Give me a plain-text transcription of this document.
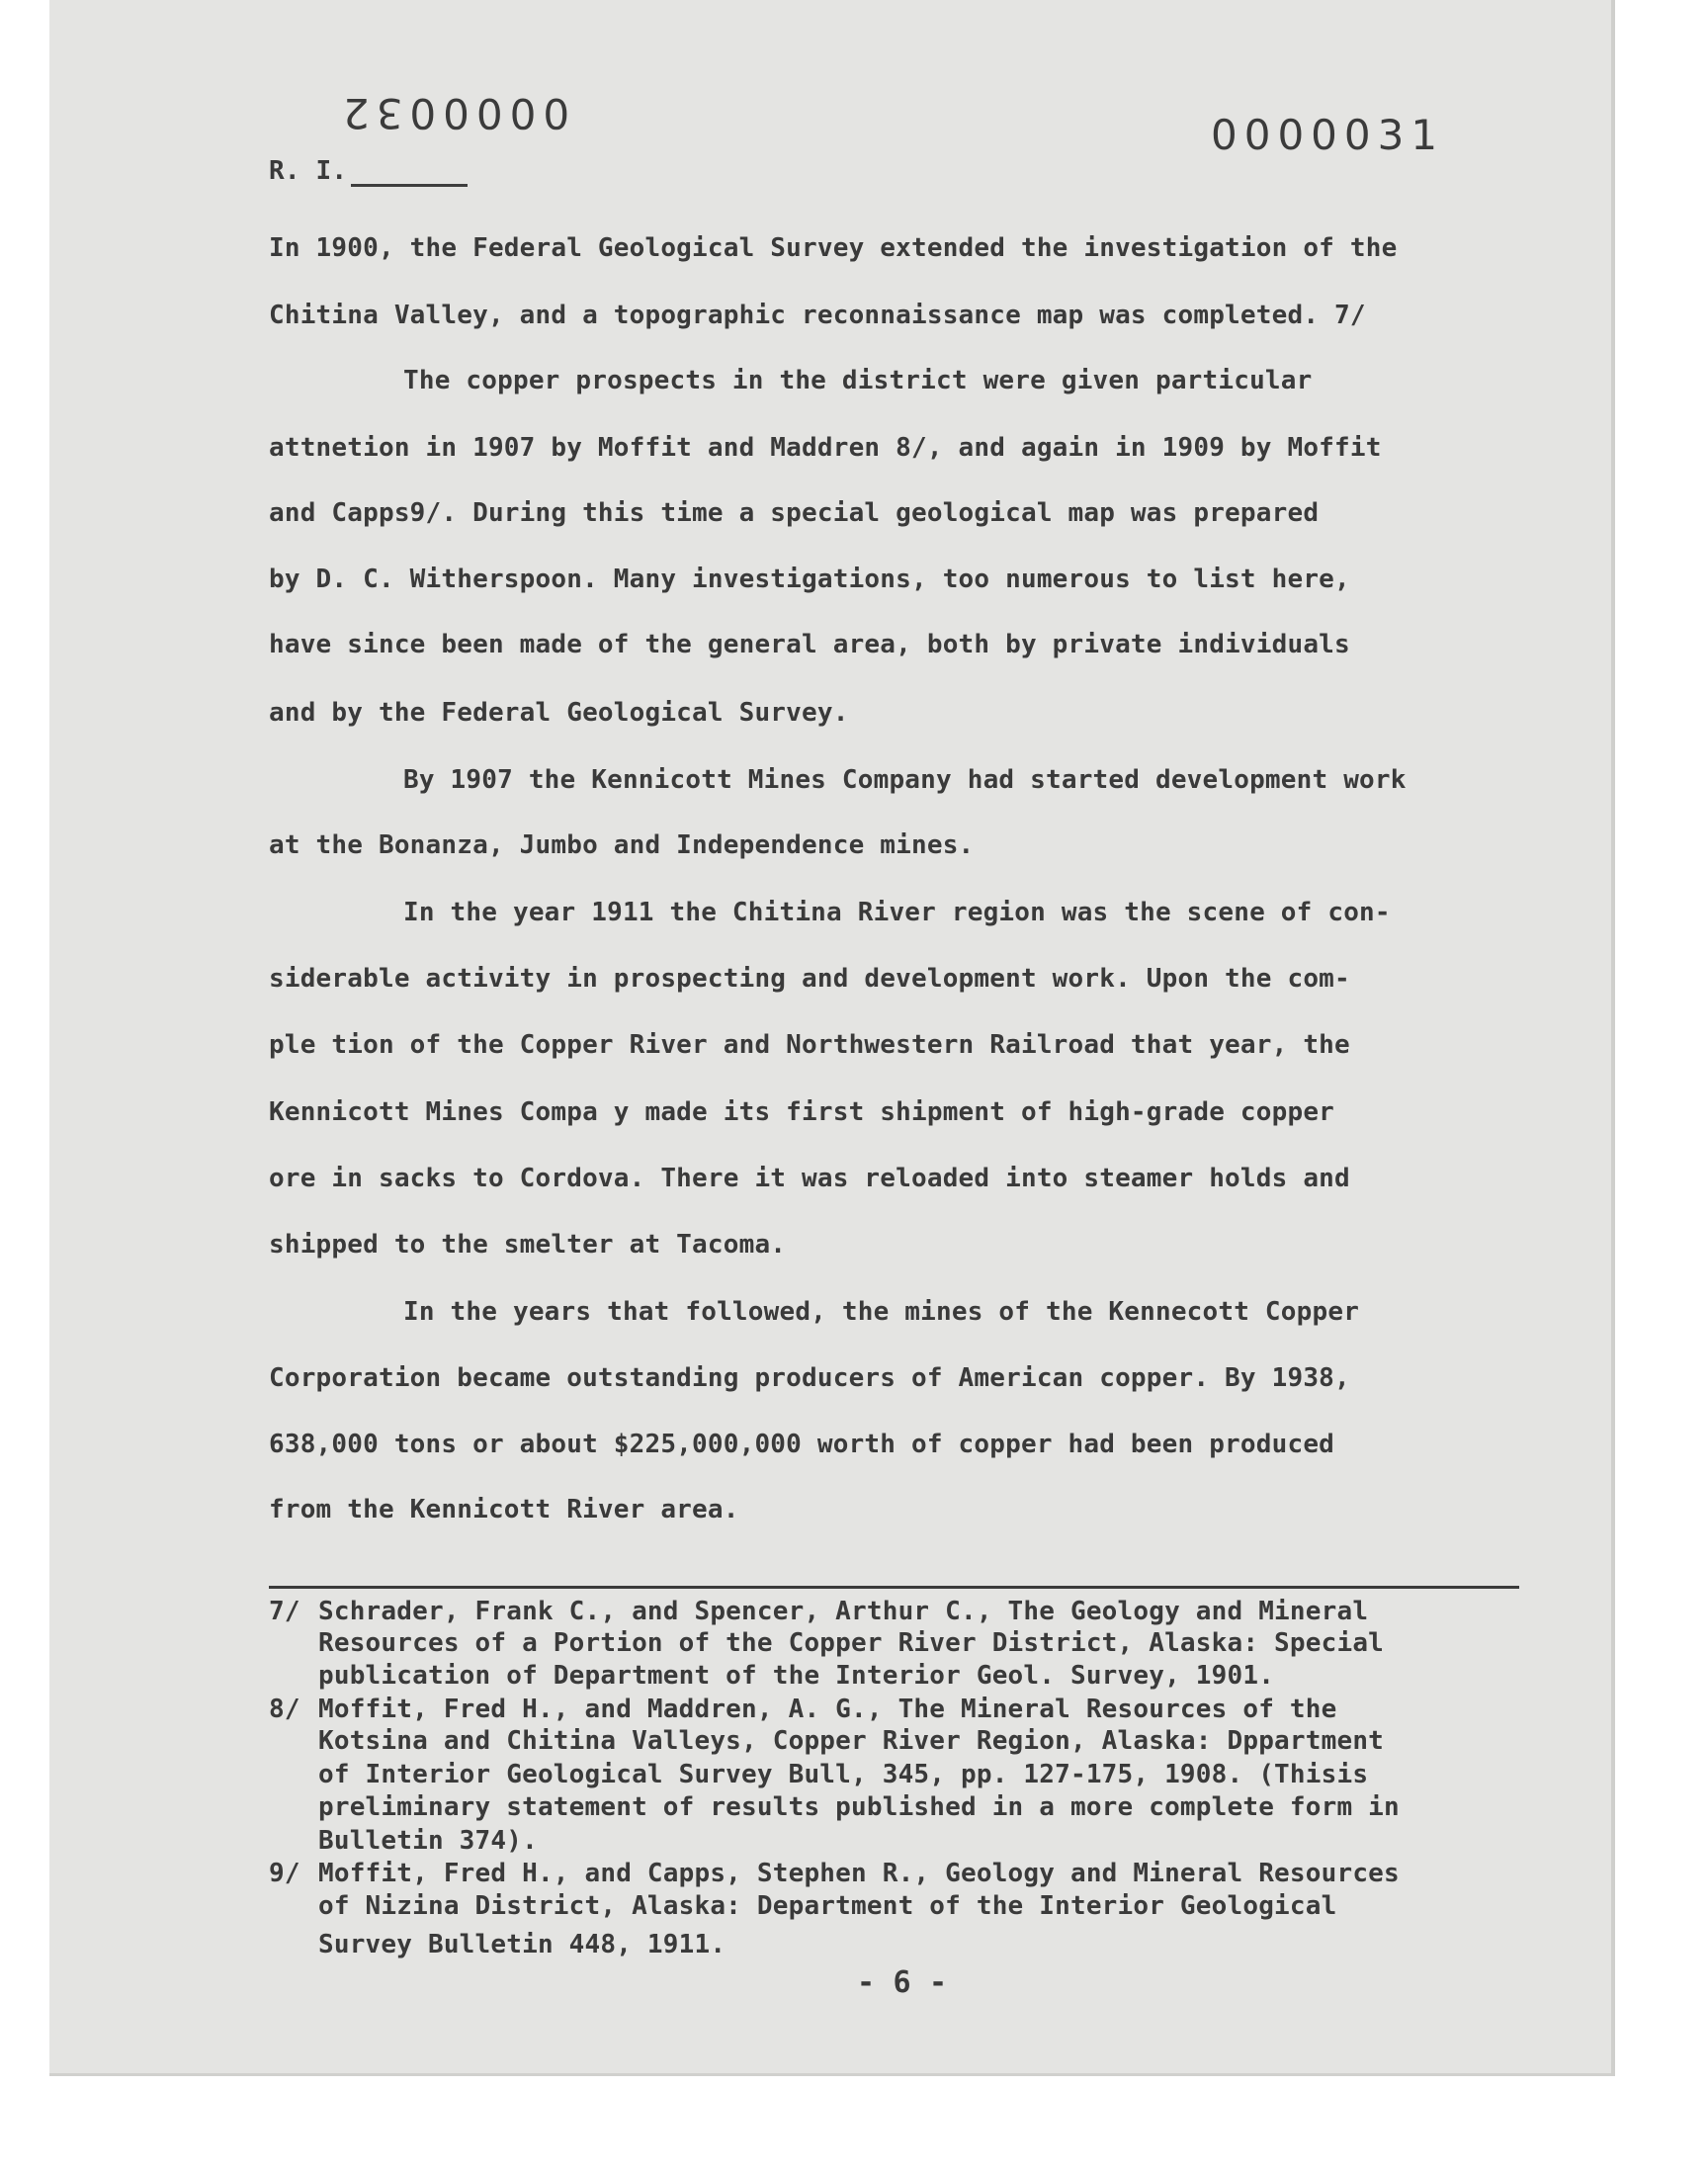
0000032	0000031
R. I.
In 1900, the Federal Geological Survey extended the investigation of the
Chitina Valley, and a topographic reconnaissance map was completed. 7/
The copper prospects in the district were given particular
attnetion in 1907 by Moffit and Maddren 8/, and again in 1909 by Moffit
and Capps9/. During this time a special geological map was prepared
by D. C. Witherspoon. Many investigations, too numerous to list here,
have since been made of the general area, both by private individuals
and by the Federal Geological Survey.
By 1907 the Kennicott Mines Company had started development work
at the Bonanza, Jumbo and Independence mines.
In the year 1911 the Chitina River region was the scene of con-
siderable activity in prospecting and development work. Upon the com-
ple tion of the Copper River and Northwestern Railroad that year, the
Kennicott Mines Compa y made its first shipment of high-grade copper
ore in sacks to Cordova. There it was reloaded into steamer holds and
shipped to the smelter at Tacoma.
In the years that followed, the mines of the Kennecott Copper
Corporation became outstanding producers of American copper. By 1938,
638,000 tons or about $225,000,000 worth of copper had been produced
from the Kennicott River area.
7/ Schrader, Frank C., and Spencer, Arthur C., The Geology and Mineral
Resources of a Portion of the Copper River District, Alaska: Special
publication of Department of the Interior Geol. Survey, 1901.
8/ Moffit, Fred H., and Maddren, A. G., The Mineral Resources of the
Kotsina and Chitina Valleys, Copper River Region, Alaska: Dppartment
of Interior Geological Survey Bull, 345, pp. 127-175, 1908. (Thisis
preliminary statement of results published in a more complete form in
Bulletin 374).
9/ Moffit, Fred H., and Capps, Stephen R., Geology and Mineral Resources
of Nizina District, Alaska: Department of the Interior Geological
Survey Bulletin 448, 1911.
- 6 -
